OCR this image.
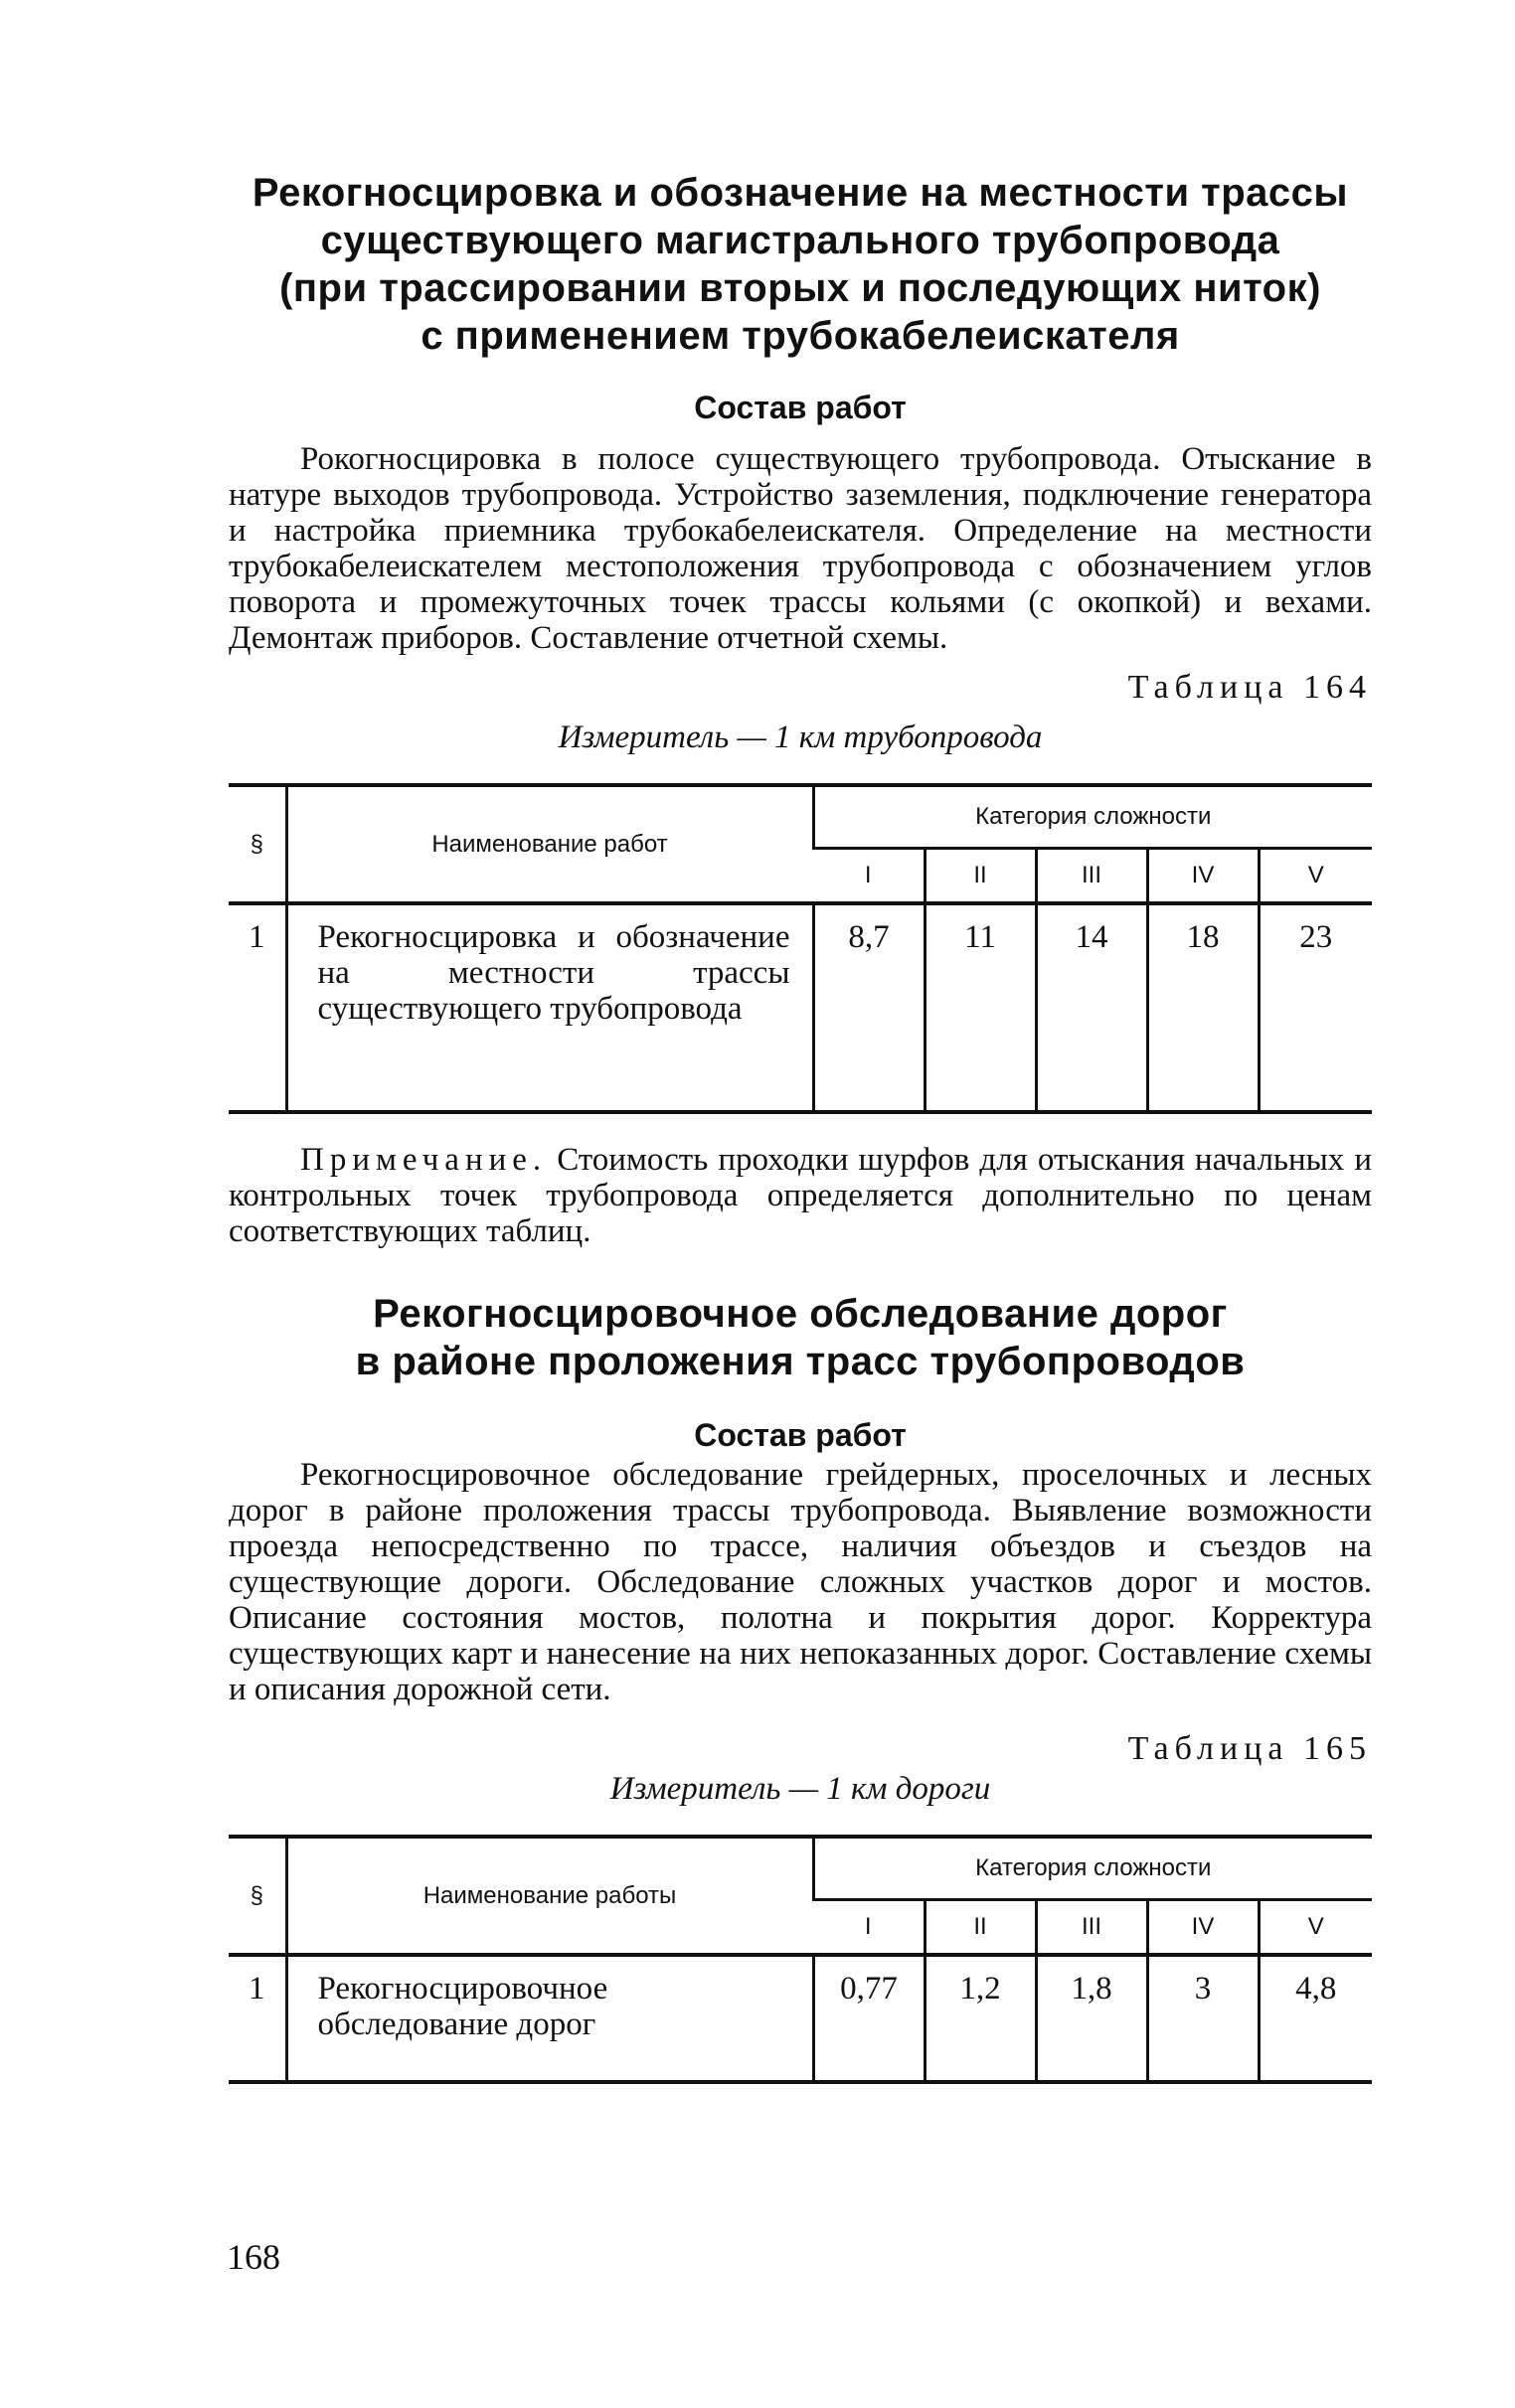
Рекогносцировка и обозначение на местности трассы
существующего магистрального трубопровода
(при трассировании вторых и последующих ниток)
с применением трубокабелеискателя
Состав работ
Рокогносцировка в полосе существующего трубопровода. Отыскание в натуре выходов трубопровода. Устройство заземления, подключение генератора и настройка приемника трубокабелеискателя. Определение на местности трубокабелеискателем местоположения трубопровода с обозначением углов поворота и промежуточных точек трассы кольями (с окопкой) и вехами. Демонтаж приборов. Составление отчетной схемы.
Таблица 164
Измеритель — 1 км трубопровода
§	Наименование работ	Категория сложности				
		I	II	III	IV	V
1	Рекогносцировка и обозначение на местности трассы существующего трубопровода	8,7	11	14	18	23
Примечание. Стоимость проходки шурфов для отыскания начальных и контрольных точек трубопровода определяется дополнительно по ценам соответствующих таблиц.
Рекогносцировочное обследование дорог
в районе проложения трасс трубопроводов
Состав работ
Рекогносцировочное обследование грейдерных, проселочных и лесных дорог в районе проложения трассы трубопровода. Выявление возможности проезда непосредственно по трассе, наличия объездов и съездов на существующие дороги. Обследование сложных участков дорог и мостов. Описание состояния мостов, полотна и покрытия дорог. Корректура существующих карт и нанесение на них непоказанных дорог. Составление схемы и описания дорожной сети.
Таблица 165
Измеритель — 1 км дороги
§	Наименование работы	Категория сложности				
		I	II	III	IV	V
1	Рекогносцировочное обследование дорог	0,77	1,2	1,8	3	4,8
168
